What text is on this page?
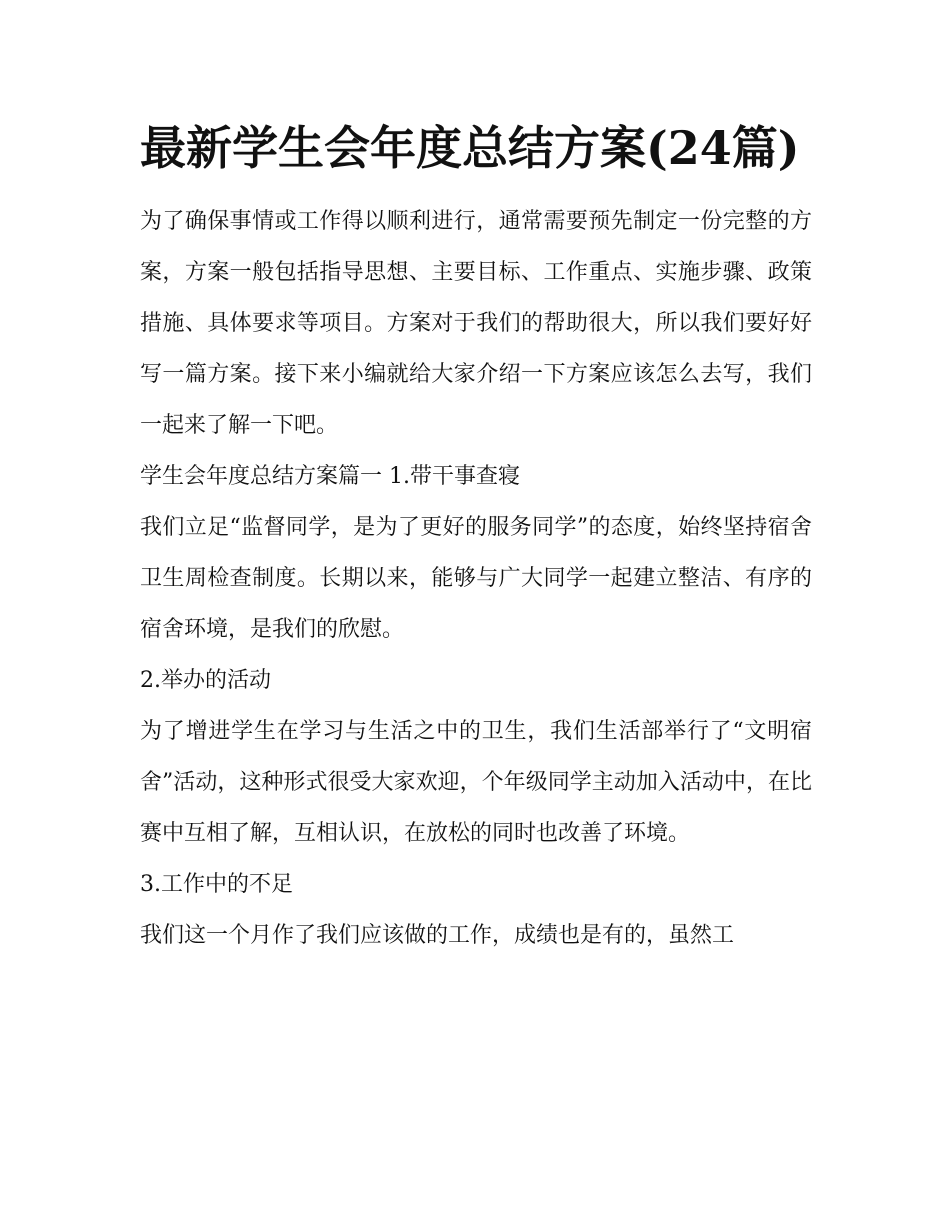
最新学生会年度总结方案(24篇)

为了确保事情或工作得以顺利进行，通常需要预先制定一份完整的方案，方案一般包括指导思想、主要目标、工作重点、实施步骤、政策措施、具体要求等项目。方案对于我们的帮助很大，所以我们要好好写一篇方案。接下来小编就给大家介绍一下方案应该怎么去写，我们一起来了解一下吧。

学生会年度总结方案篇一 1.带干事查寝

我们立足“监督同学，是为了更好的服务同学”的态度，始终坚持宿舍卫生周检查制度。长期以来，能够与广大同学一起建立整洁、有序的宿舍环境，是我们的欣慰。

2.举办的活动

为了增进学生在学习与生活之中的卫生，我们生活部举行了“文明宿舍”活动，这种形式很受大家欢迎，个年级同学主动加入活动中，在比赛中互相了解，互相认识，在放松的同时也改善了环境。

3.工作中的不足

我们这一个月作了我们应该做的工作，成绩也是有的，虽然工
